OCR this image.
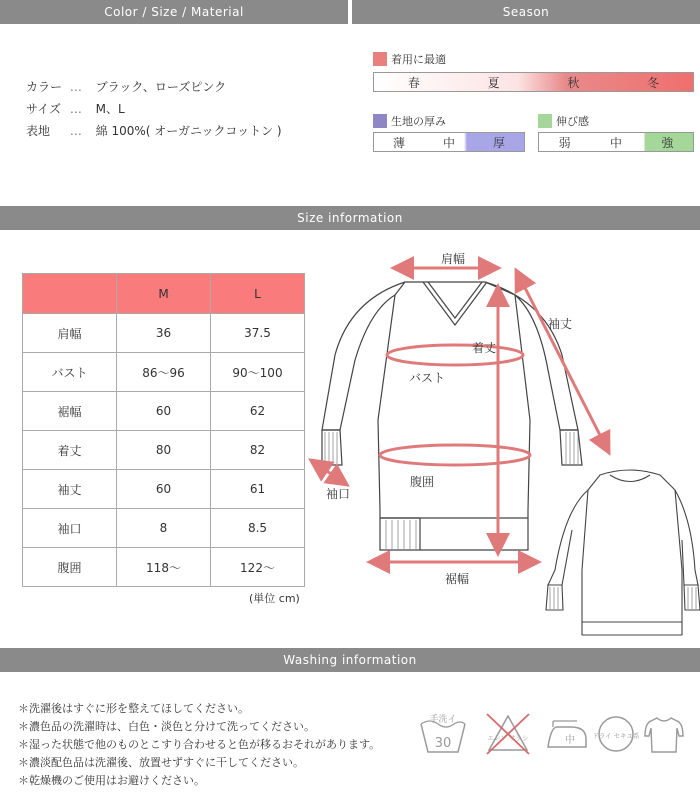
Color / Size / Material	Season
カラー … ブラック、ローズピンク
サイズ … M、L
表地 … 綿 100%( オーガニックコットン )
着用に最適
春	夏	秋	冬
生地の厚み
薄	中	厚
伸び感
弱	中	強
Size information
	M	L
肩幅	36	37.5
バスト	86〜96	90〜100
裾幅	60	62
着丈	80	82
袖丈	60	61
袖口	8	8.5
腹囲	118〜	122〜
(単位 cm)
肩幅
袖丈
着丈
バスト
袖口
腹囲
裾幅
Washing information
＊洗濯後はすぐに形を整えてほしてください。
＊濃色品の洗濯時は、白色・淡色と分けて洗ってください。
＊湿った状態で他のものとこすり合わせると色が移るおそれがあります。
＊濃淡配色品は洗濯後、放置せずすぐに干してください。
＊乾燥機のご使用はお避けください。
手洗イ
30	エンソ サラシ	中	ドライ セキユ系
